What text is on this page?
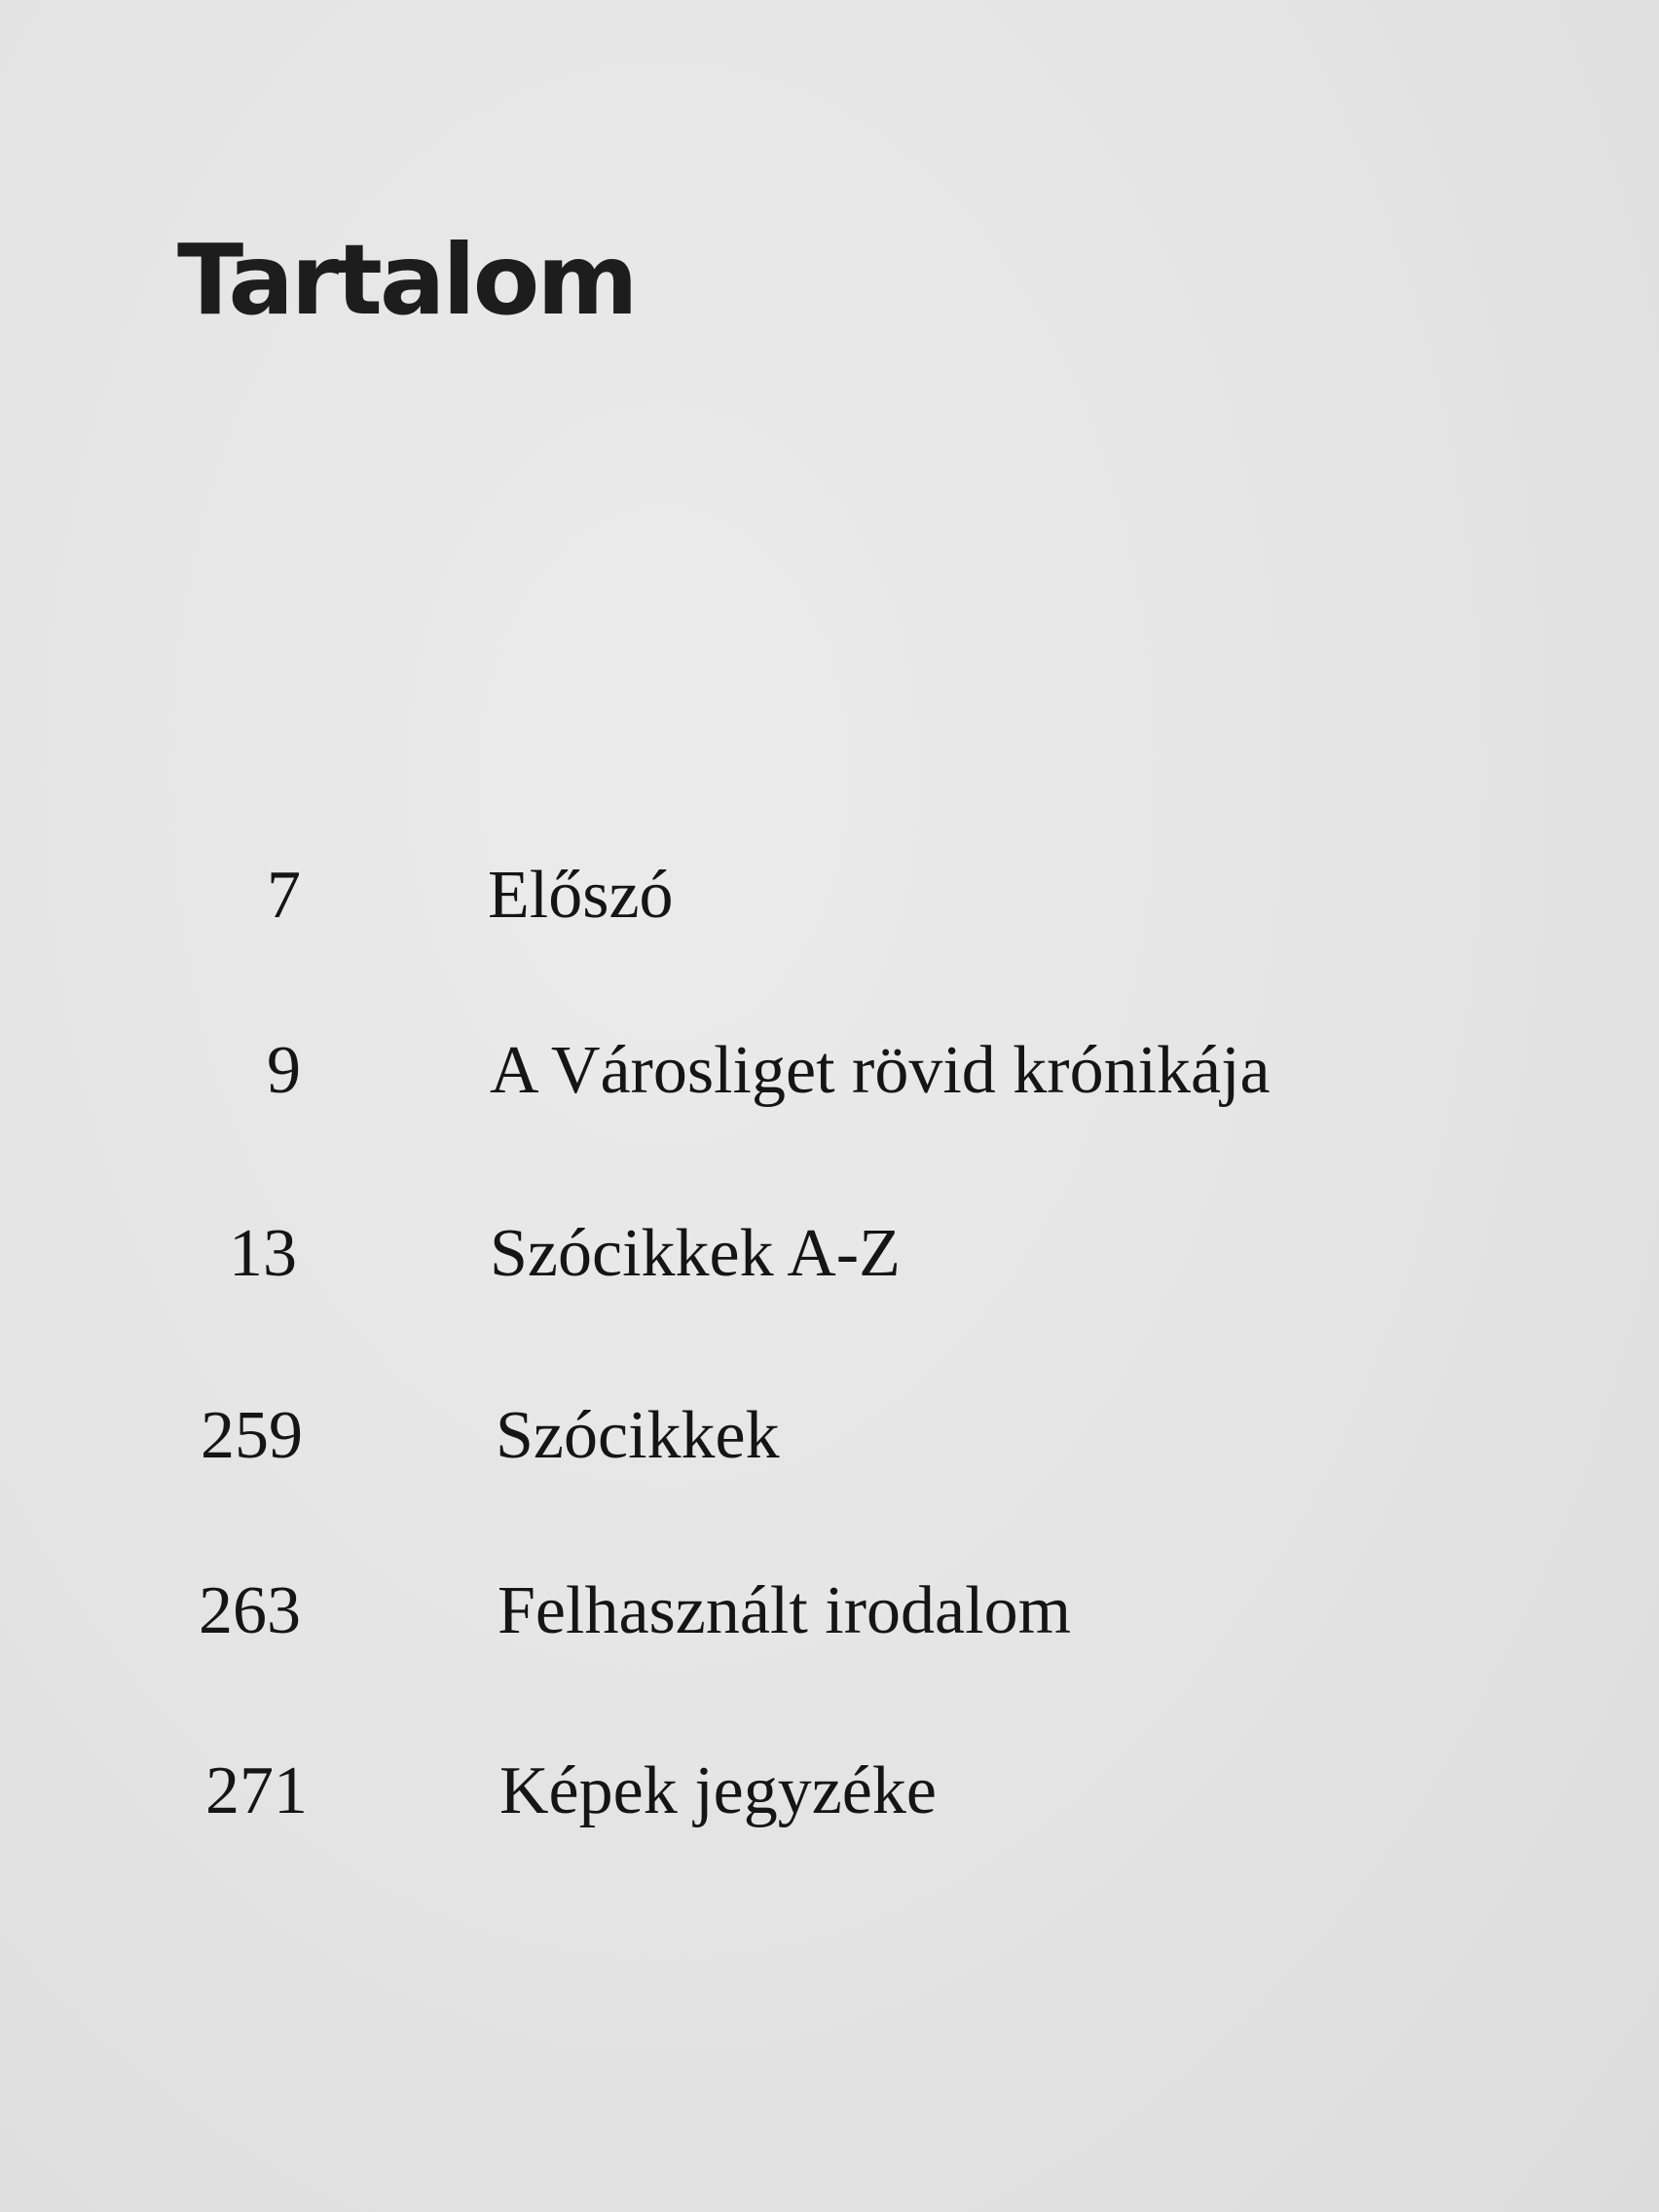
Tartalom
7	Előszó
9	A Városliget rövid krónikája
13	Szócikkek A-Z
259	Szócikkek
263	Felhasznált irodalom
271	Képek jegyzéke
